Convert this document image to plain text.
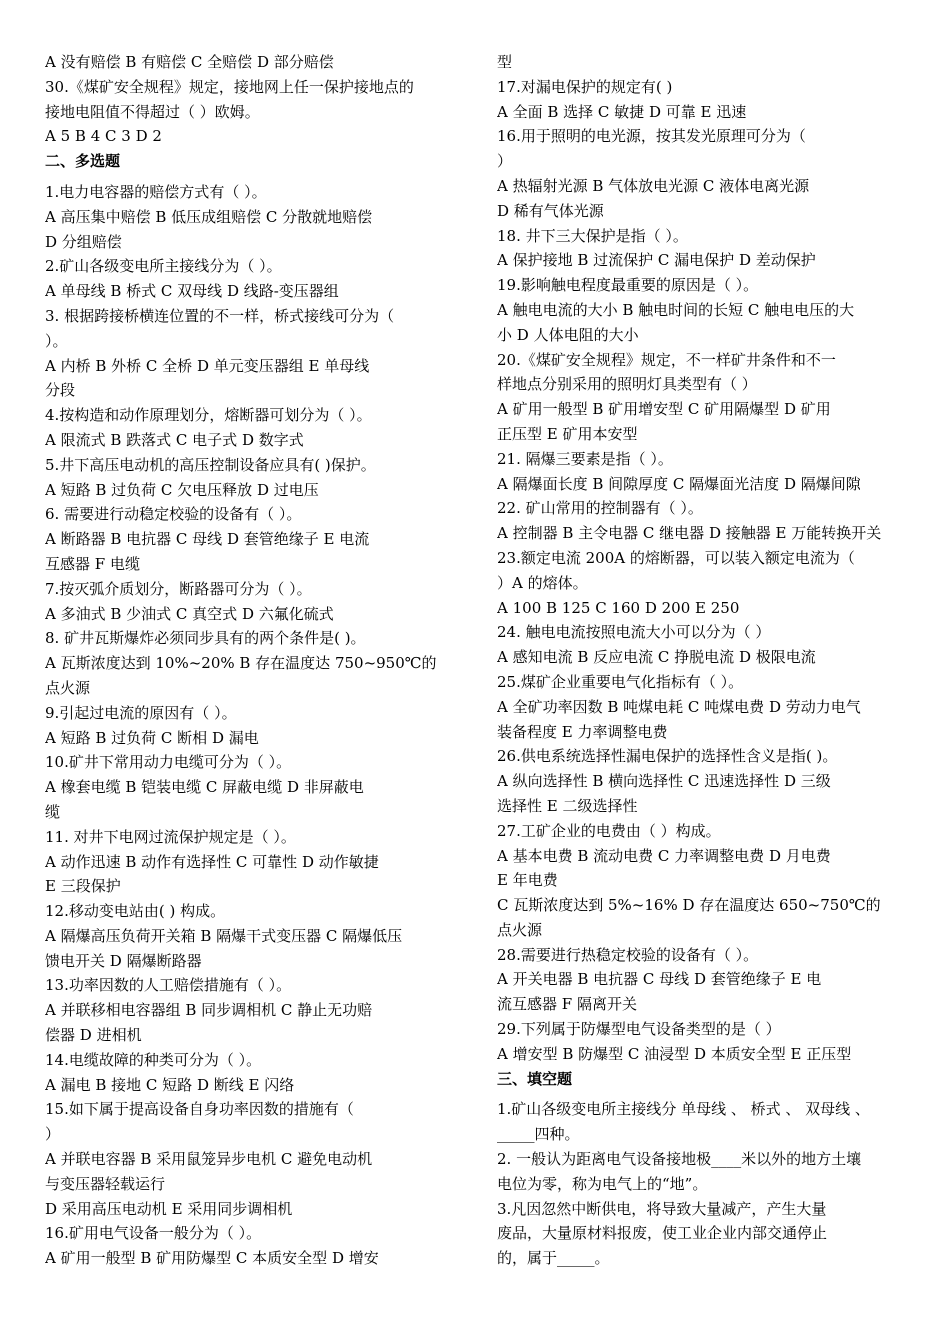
A 没有赔偿 B 有赔偿 C 全赔偿 D 部分赔偿
30.《煤矿安全规程》规定，接地网上任一保护接地点的
接地电阻值不得超过（ ）欧姆。
A 5 B 4 C 3 D 2
二、多选题
1.电力电容器的赔偿方式有（ ）。
A 高压集中赔偿 B 低压成组赔偿 C 分散就地赔偿
D 分组赔偿
2.矿山各级变电所主接线分为（ ）。
A 单母线 B 桥式 C 双母线 D 线路-变压器组
3. 根据跨接桥横连位置的不一样，桥式接线可分为（
）。
A 内桥 B 外桥 C 全桥 D 单元变压器组 E 单母线
分段
4.按构造和动作原理划分，熔断器可划分为（ ）。
A 限流式 B 跌落式 C 电子式 D 数字式
5.井下高压电动机的高压控制设备应具有( )保护。
A 短路 B 过负荷 C 欠电压释放 D 过电压
6. 需要进行动稳定校验的设备有（ ）。
A 断路器 B 电抗器 C 母线 D 套管绝缘子 E 电流
互感器 F 电缆
7.按灭弧介质划分，断路器可分为（ ）。
A 多油式 B 少油式 C 真空式 D 六氟化硫式
8. 矿井瓦斯爆炸必须同步具有的两个条件是( )。
A 瓦斯浓度达到 10%~20% B 存在温度达 750~950℃的
点火源
9.引起过电流的原因有（ ）。
A 短路 B 过负荷 C 断相 D 漏电
10.矿井下常用动力电缆可分为（ ）。
A 橡套电缆 B 铠装电缆 C 屏蔽电缆 D 非屏蔽电
缆
11. 对井下电网过流保护规定是（ ）。
A 动作迅速 B 动作有选择性 C 可靠性 D 动作敏捷
E 三段保护
12.移动变电站由( ) 构成。
A 隔爆高压负荷开关箱 B 隔爆干式变压器 C 隔爆低压
馈电开关 D 隔爆断路器
13.功率因数的人工赔偿措施有（ ）。
A 并联移相电容器组 B 同步调相机 C 静止无功赔
偿器 D 进相机
14.电缆故障的种类可分为（ ）。
A 漏电 B 接地 C 短路 D 断线 E 闪络
15.如下属于提高设备自身功率因数的措施有（
）
A 并联电容器 B 采用鼠笼异步电机 C 避免电动机
与变压器轻载运行
D 采用高压电动机 E 采用同步调相机
16.矿用电气设备一般分为（ ）。
A 矿用一般型 B 矿用防爆型 C 本质安全型 D 增安
型
17.对漏电保护的规定有( )
A 全面 B 选择 C 敏捷 D 可靠 E 迅速
16.用于照明的电光源，按其发光原理可分为（
）
A 热辐射光源 B 气体放电光源 C 液体电离光源
D 稀有气体光源
18. 井下三大保护是指（ ）。
A 保护接地 B 过流保护 C 漏电保护 D 差动保护
19.影响触电程度最重要的原因是（ ）。
A 触电电流的大小 B 触电时间的长短 C 触电电压的大
小 D 人体电阻的大小
20.《煤矿安全规程》规定，不一样矿井条件和不一
样地点分别采用的照明灯具类型有（ ）
A 矿用一般型 B 矿用增安型 C 矿用隔爆型 D 矿用
正压型 E 矿用本安型
21. 隔爆三要素是指（ ）。
A 隔爆面长度 B 间隙厚度 C 隔爆面光洁度 D 隔爆间隙
22. 矿山常用的控制器有（ ）。
A 控制器 B 主令电器 C 继电器 D 接触器 E 万能转换开关
23.额定电流 200A 的熔断器，可以装入额定电流为（
）A 的熔体。
A 100 B 125 C 160 D 200 E 250
24. 触电电流按照电流大小可以分为（ ）
A 感知电流 B 反应电流 C 挣脱电流 D 极限电流
25.煤矿企业重要电气化指标有（ ）。
A 全矿功率因数 B 吨煤电耗 C 吨煤电费 D 劳动力电气
装备程度 E 力率调整电费
26.供电系统选择性漏电保护的选择性含义是指( )。
A 纵向选择性 B 横向选择性 C 迅速选择性 D 三级
选择性 E 二级选择性
27.工矿企业的电费由（ ）构成。
A 基本电费 B 流动电费 C 力率调整电费 D 月电费
E 年电费
C 瓦斯浓度达到 5%~16% D 存在温度达 650~750℃的
点火源
28.需要进行热稳定校验的设备有（ ）。
A 开关电器 B 电抗器 C 母线 D 套管绝缘子 E 电
流互感器 F 隔离开关
29.下列属于防爆型电气设备类型的是（ ）
A 增安型 B 防爆型 C 油浸型 D 本质安全型 E 正压型
三、填空题
1.矿山各级变电所主接线分 单母线 、 桥式 、 双母线 、
_____四种。
2. 一般认为距离电气设备接地极____米以外的地方土壤
电位为零，称为电气上的“地”。
3.凡因忽然中断供电，将导致大量减产，产生大量
废品，大量原材料报废，使工业企业内部交通停止
的，属于_____。
